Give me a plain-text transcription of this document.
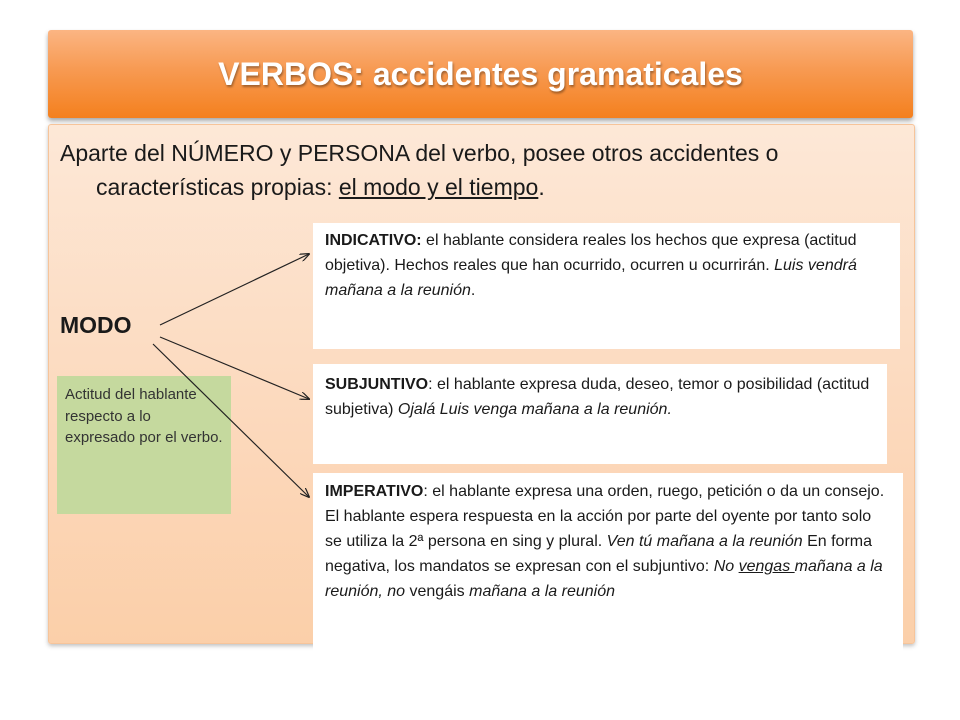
VERBOS: accidentes gramaticales
Aparte del NÚMERO y PERSONA del verbo, posee otros accidentes o características propias: el modo y el tiempo.
MODO
Actitud del hablante respecto a lo expresado por el verbo.
INDICATIVO: el hablante considera reales los hechos que expresa (actitud objetiva). Hechos reales que han ocurrido, ocurren u ocurrirán. Luis vendrá mañana a la reunión.
SUBJUNTIVO: el hablante expresa duda, deseo, temor o posibilidad (actitud subjetiva) Ojalá Luis venga mañana a la reunión.
IMPERATIVO: el hablante expresa una orden, ruego, petición o da un consejo. El hablante espera respuesta en la acción por parte del oyente por tanto solo se utiliza la 2ª persona en sing y plural. Ven tú mañana a la reunión En forma negativa, los mandatos se expresan con el subjuntivo: No vengas mañana a la reunión, no vengáis mañana a la reunión
